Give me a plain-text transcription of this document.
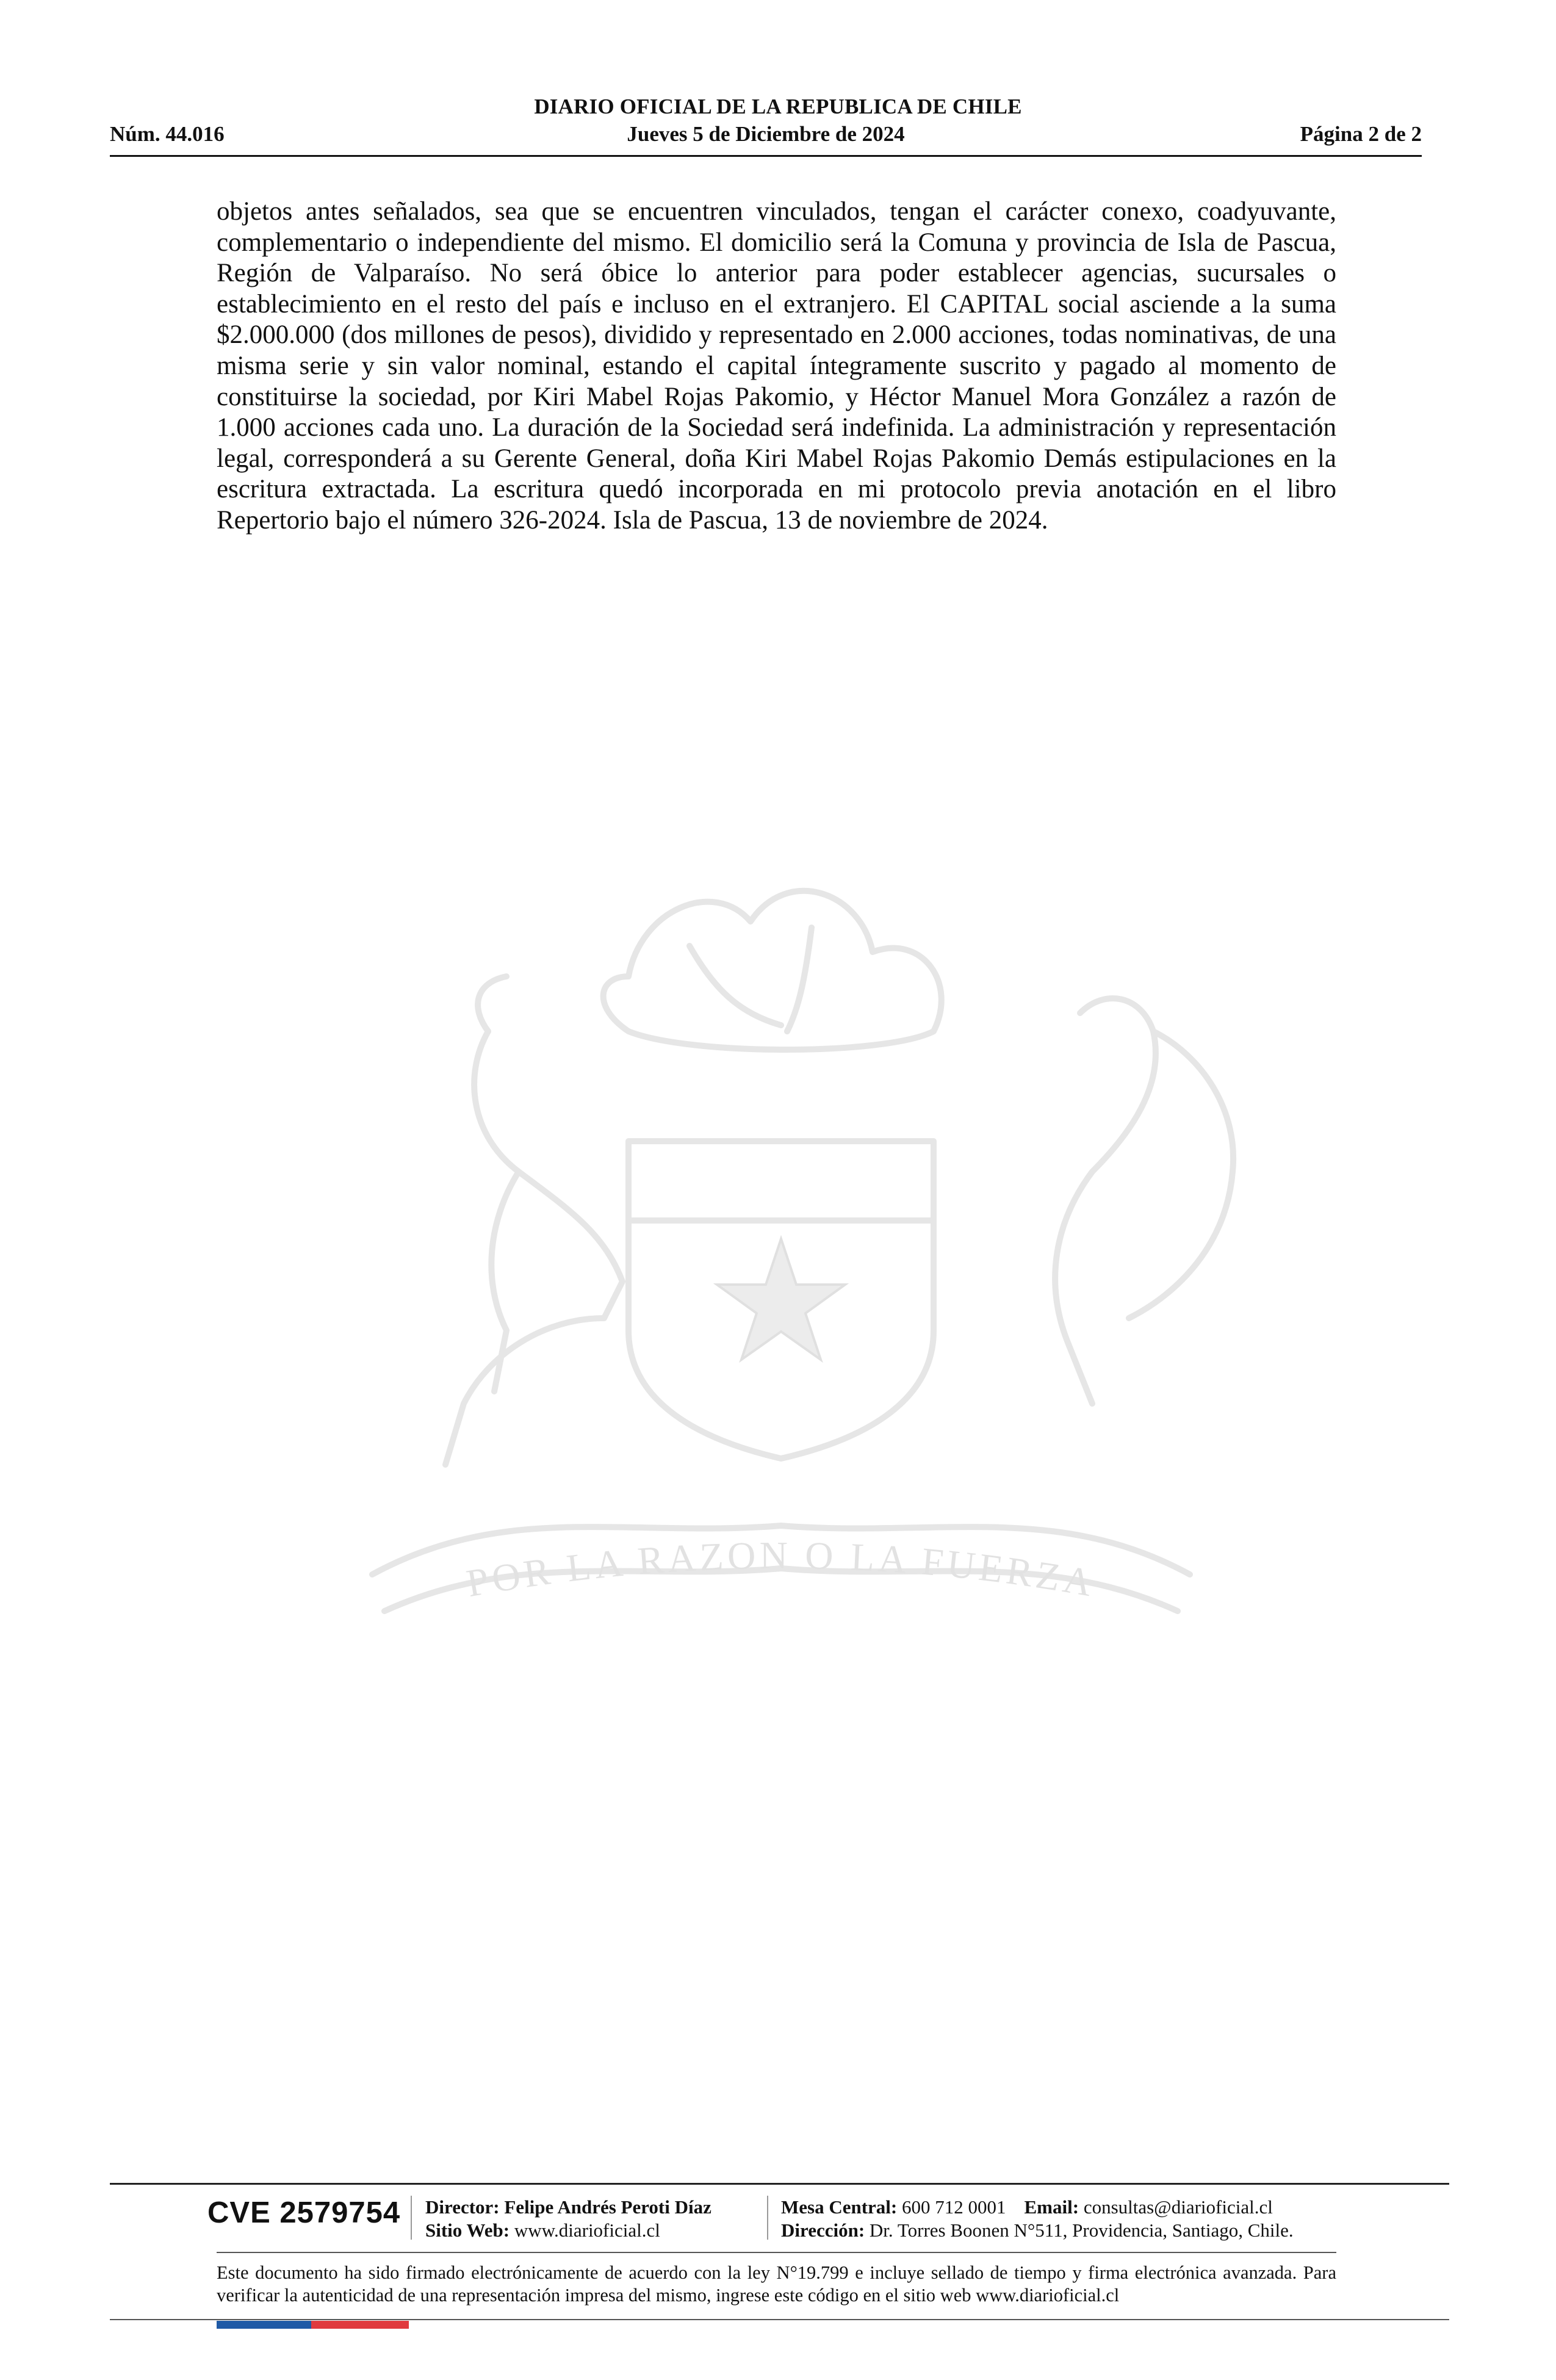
DIARIO OFICIAL DE LA REPUBLICA DE CHILE
Núm. 44.016	Jueves 5 de Diciembre de 2024	Página 2 de 2
objetos antes señalados, sea que se encuentren vinculados, tengan el carácter conexo, coadyuvante, complementario o independiente del mismo. El domicilio será la Comuna y provincia de Isla de Pascua, Región de Valparaíso. No será óbice lo anterior para poder establecer agencias, sucursales o establecimiento en el resto del país e incluso en el extranjero. El CAPITAL social asciende a la suma $2.000.000 (dos millones de pesos), dividido y representado en 2.000 acciones, todas nominativas, de una misma serie y sin valor nominal, estando el capital íntegramente suscrito y pagado al momento de constituirse la sociedad, por Kiri Mabel Rojas Pakomio, y Héctor Manuel Mora González a razón de 1.000 acciones cada uno. La duración de la Sociedad será indefinida. La administración y representación legal, corresponderá a su Gerente General, doña Kiri Mabel Rojas Pakomio Demás estipulaciones en la escritura extractada. La escritura quedó incorporada en mi protocolo previa anotación en el libro Repertorio bajo el número 326-2024. Isla de Pascua, 13 de noviembre de 2024.
POR LA RAZON O LA FUERZA
CVE 2579754 Director: Felipe Andrés Peroti Díaz
Sitio Web: www.diarioficial.cl
Mesa Central: 600 712 0001 Email: consultas@diarioficial.cl
Dirección: Dr. Torres Boonen N°511, Providencia, Santiago, Chile.
Este documento ha sido firmado electrónicamente de acuerdo con la ley N°19.799 e incluye sellado de tiempo y firma electrónica avanzada. Para verificar la autenticidad de una representación impresa del mismo, ingrese este código en el sitio web www.diarioficial.cl
